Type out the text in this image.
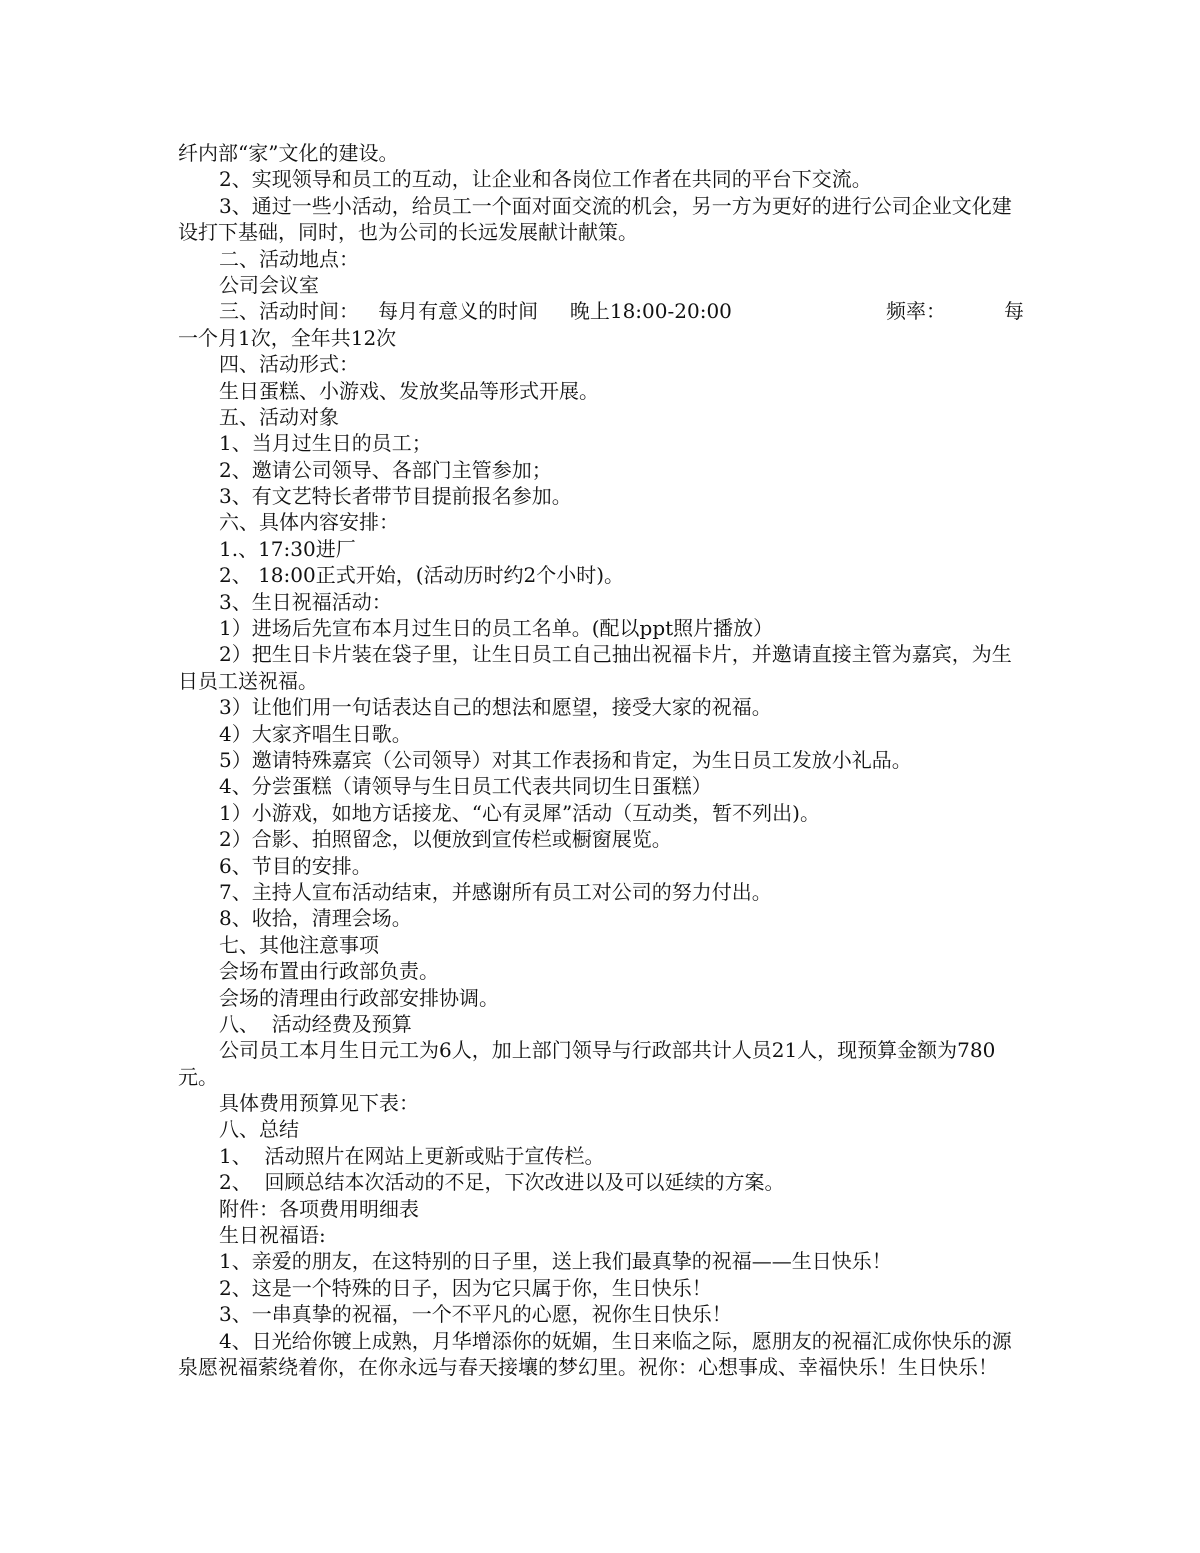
纤内部“家”文化的建设。
2、实现领导和员工的互动，让企业和各岗位工作者在共同的平台下交流。
3、通过一些小活动，给员工一个面对面交流的机会，另一方为更好的进行公司企业文化建
设打下基础，同时，也为公司的长远发展献计献策。
二、活动地点：
公司会议室
三、活动时间：   每月有意义的时间     晚上18:00-20:00	频率：	每
一个月1次，全年共12次
四、活动形式：
生日蛋糕、小游戏、发放奖品等形式开展。
五、活动对象
1、当月过生日的员工；
2、邀请公司领导、各部门主管参加；
3、有文艺特长者带节目提前报名参加。
六、具体内容安排：
1.、17:30进厂
2、 18:00正式开始，(活动历时约2个小时)。
3、生日祝福活动：
1）进场后先宣布本月过生日的员工名单。(配以ppt照片播放）
2）把生日卡片装在袋子里，让生日员工自己抽出祝福卡片，并邀请直接主管为嘉宾，为生
日员工送祝福。
3）让他们用一句话表达自己的想法和愿望，接受大家的祝福。
4）大家齐唱生日歌。
5）邀请特殊嘉宾（公司领导）对其工作表扬和肯定，为生日员工发放小礼品。
4、分尝蛋糕（请领导与生日员工代表共同切生日蛋糕）
1）小游戏，如地方话接龙、“心有灵犀”活动（互动类，暂不列出)。
2）合影、拍照留念，以便放到宣传栏或橱窗展览。
6、节目的安排。
7、主持人宣布活动结束，并感谢所有员工对公司的努力付出。
8、收拾，清理会场。
七、其他注意事项
会场布置由行政部负责。
会场的清理由行政部安排协调。
八、  活动经费及预算
公司员工本月生日元工为6人，加上部门领导与行政部共计人员21人，现预算金额为780
元。
具体费用预算见下表：
八、总结
1、  活动照片在网站上更新或贴于宣传栏。
2、  回顾总结本次活动的不足，下次改进以及可以延续的方案。
附件：各项费用明细表
生日祝福语:
1、亲爱的朋友，在这特别的日子里，送上我们最真挚的祝福——生日快乐！
2、这是一个特殊的日子，因为它只属于你，生日快乐！
3、一串真挚的祝福，一个不平凡的心愿，祝你生日快乐！
4、日光给你镀上成熟，月华增添你的妩媚，生日来临之际，愿朋友的祝福汇成你快乐的源
泉愿祝福萦绕着你，在你永远与春天接壤的梦幻里。祝你：心想事成、幸福快乐！生日快乐！
